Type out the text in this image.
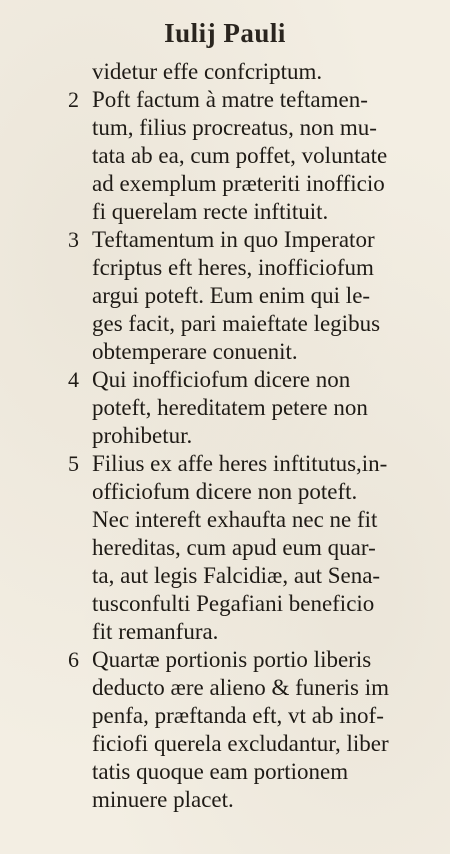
Iulij Pauli
videtur effe confcriptum.
2 Poft factum à matre teftamen-
tum, filius procreatus, non mu-
tata ab ea, cum poffet, voluntate
ad exemplum præteriti inofficio
fi querelam recte inftituit.
3 Teftamentum in quo Imperator
fcriptus eft heres, inofficiofum
argui poteft. Eum enim qui le-
ges facit, pari maieftate legibus
obtemperare conuenit.
4 Qui inofficiofum dicere non
poteft, hereditatem petere non
prohibetur.
5 Filius ex affe heres inftitutus,in-
officiofum dicere non poteft.
Nec intereft exhaufta nec ne fit
hereditas, cum apud eum quar-
ta, aut legis Falcidiæ, aut Sena-
tusconfulti Pegafiani beneficio
fit remanfura.
6 Quartæ portionis portio liberis
deducto ære alieno & funeris im
penfa, præftanda eft, vt ab inof-
ficiofi querela excludantur, liber
tatis quoque eam portionem
minuere placet.
